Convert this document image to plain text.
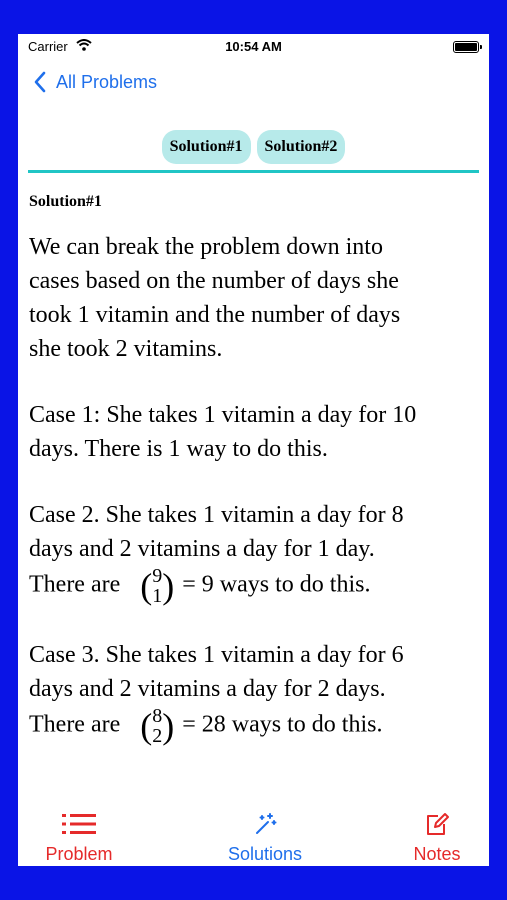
Carrier	10:54 AM
All Problems
Solution#1	Solution#2
Solution#1
We can break the problem down into
cases based on the number of days she
took 1 vitamin and the number of days
she took 2 vitamins.
Case 1: She takes 1 vitamin a day for 10
days. There is 1 way to do this.
Case 2. She takes 1 vitamin a day for 8
days and 2 vitamins a day for 1 day.
There are ( 9
1 ) = 9 ways to do this.
Case 3. She takes 1 vitamin a day for 6
days and 2 vitamins a day for 2 days.
There are ( 8
2 ) = 28 ways to do this.
Problem	Solutions	Notes
